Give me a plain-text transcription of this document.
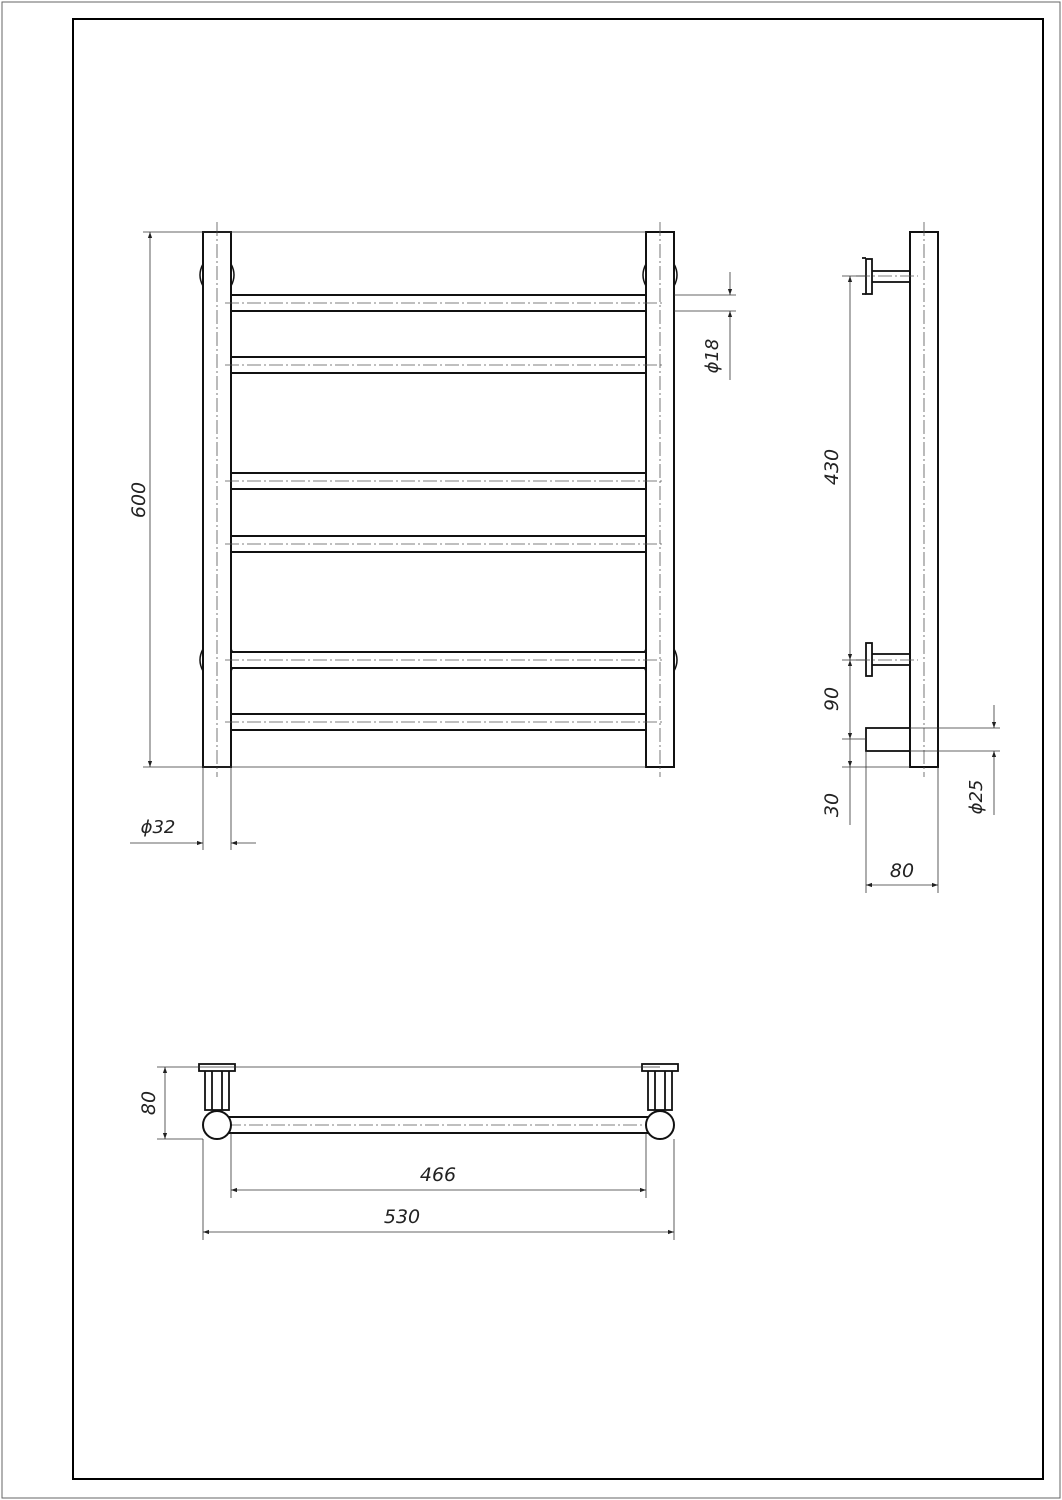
600
ϕ18
ϕ32
430
90
30	ϕ25
80
80
466
530
